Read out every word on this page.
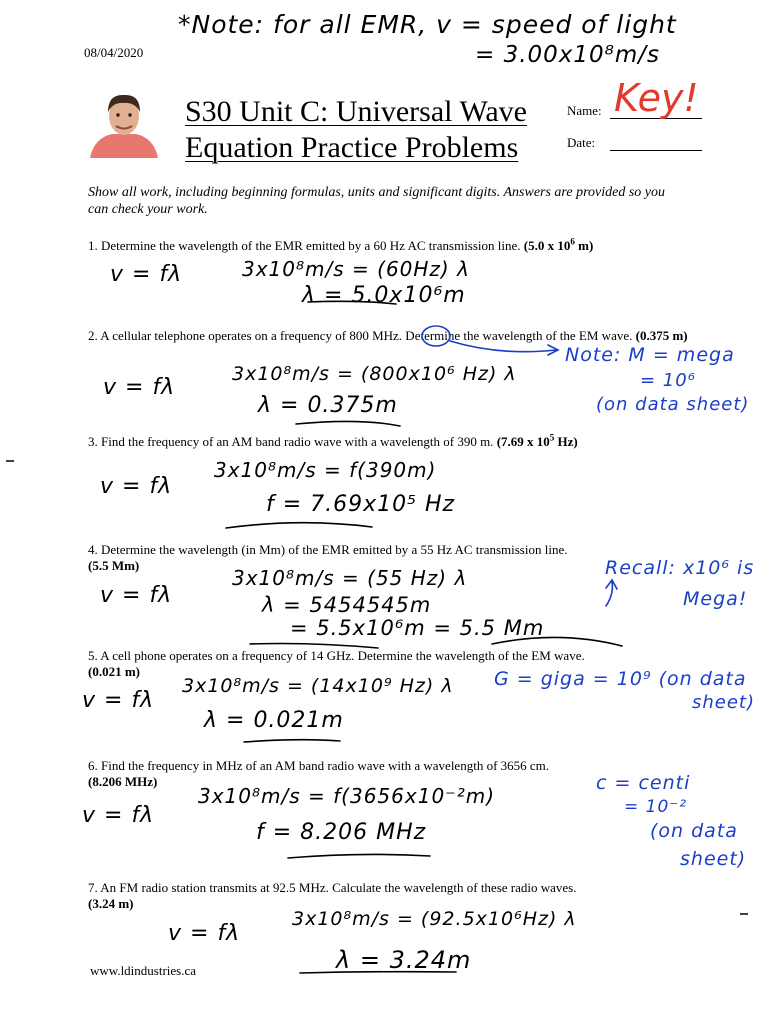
08/04/2020
*Note: for all EMR, v = speed of light
= 3.00x10⁸m/s
S30 Unit C: Universal Wave
Equation Practice Problems
Name: Key!
Date:
Show all work, including beginning formulas, units and significant digits. Answers are provided so you can check your work.
1. Determine the wavelength of the EMR emitted by a 60 Hz AC transmission line. (5.0 x $10^6$ m)
v = fλ	3x10⁸m/s = (60Hz) λ
λ = 5.0x10⁶m
2. A cellular telephone operates on a frequency of 800 MHz. Determine the wavelength of the EM wave. (0.375 m)
v = fλ
3x10⁸m/s = (800x10⁶ Hz) λ
λ = 0.375m
Note: M = mega
= 10⁶
(on data sheet)
3. Find the frequency of an AM band radio wave with a wavelength of 390 m. (7.69 x $10^5$ Hz)
v = fλ
3x10⁸m/s = f(390m)
f = 7.69x10⁵ Hz
4. Determine the wavelength (in Mm) of the EMR emitted by a 55 Hz AC transmission line.
(5.5 Mm)
v = fλ
3x10⁸m/s = (55 Hz) λ
λ = 5454545m
= 5.5x10⁶m = 5.5 Mm
Recall: x10⁶ is
Mega!
5. A cell phone operates on a frequency of 14 GHz. Determine the wavelength of the EM wave.
(0.021 m)
v = fλ
3x10⁸m/s = (14x10⁹ Hz) λ
λ = 0.021m
G = giga = 10⁹ (on data
sheet)
6. Find the frequency in MHz of an AM band radio wave with a wavelength of 3656 cm.
(8.206 MHz)
v = fλ
3x10⁸m/s = f(3656x10⁻²m)
f = 8.206 MHz
c = centi
= 10⁻²
(on data
sheet)
7. An FM radio station transmits at 92.5 MHz. Calculate the wavelength of these radio waves.
(3.24 m)
v = fλ
3x10⁸m/s = (92.5x10⁶Hz) λ
λ = 3.24m
www.ldindustries.ca
